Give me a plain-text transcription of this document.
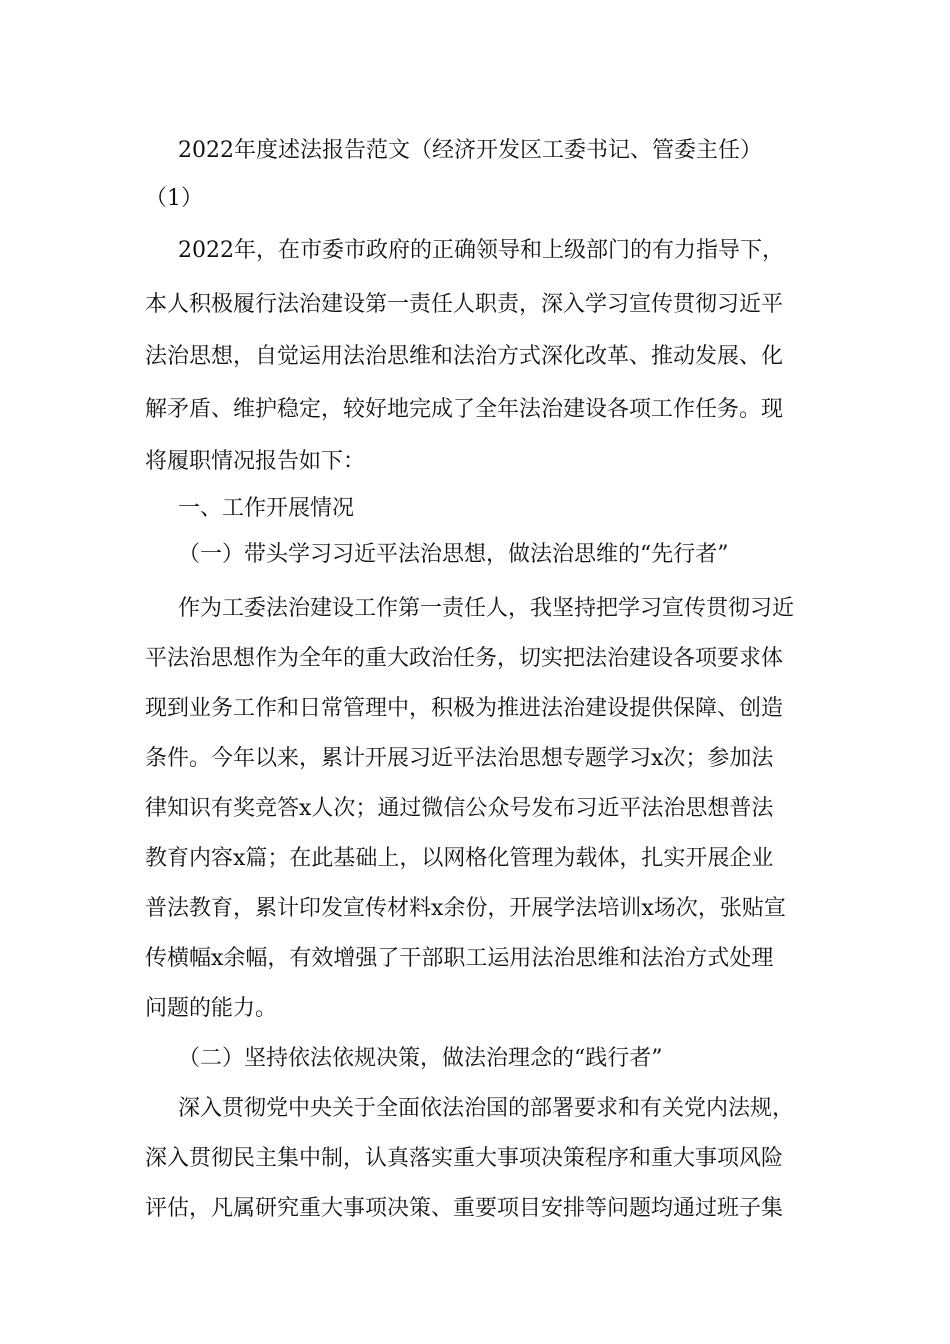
2022年度述法报告范文（经济开发区工委书记、管委主任）
（1）
2022年，在市委市政府的正确领导和上级部门的有力指导下，
本人积极履行法治建设第一责任人职责，深入学习宣传贯彻习近平
法治思想，自觉运用法治思维和法治方式深化改革、推动发展、化
解矛盾、维护稳定，较好地完成了全年法治建设各项工作任务。现
将履职情况报告如下：
一、工作开展情况
（一）带头学习习近平法治思想，做法治思维的“先行者”
作为工委法治建设工作第一责任人，我坚持把学习宣传贯彻习近
平法治思想作为全年的重大政治任务，切实把法治建设各项要求体
现到业务工作和日常管理中，积极为推进法治建设提供保障、创造
条件。今年以来，累计开展习近平法治思想专题学习x次；参加法
律知识有奖竞答x人次；通过微信公众号发布习近平法治思想普法
教育内容x篇；在此基础上，以网格化管理为载体，扎实开展企业
普法教育，累计印发宣传材料x余份，开展学法培训x场次，张贴宣
传横幅x余幅，有效增强了干部职工运用法治思维和法治方式处理
问题的能力。
（二）坚持依法依规决策，做法治理念的“践行者”
深入贯彻党中央关于全面依法治国的部署要求和有关党内法规，
深入贯彻民主集中制，认真落实重大事项决策程序和重大事项风险
评估，凡属研究重大事项决策、重要项目安排等问题均通过班子集
